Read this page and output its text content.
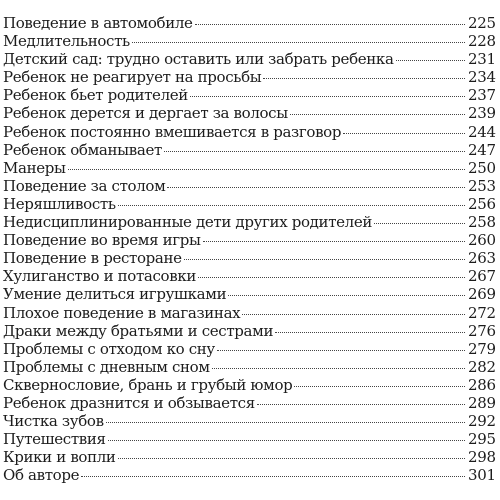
Поведение в автомобиле	225
Медлительность	228
Детский сад: трудно оставить или забрать ребенка	231
Ребенок не реагирует на просьбы	234
Ребенок бьет родителей	237
Ребенок дерется и дергает за волосы	239
Ребенок постоянно вмешивается в разговор	244
Ребенок обманывает	247
Манеры	250
Поведение за столом	253
Неряшливость	256
Недисциплинированные дети других родителей	258
Поведение во время игры	260
Поведение в ресторане	263
Хулиганство и потасовки	267
Умение делиться игрушками	269
Плохое поведение в магазинах	272
Драки между братьями и сестрами	276
Проблемы с отходом ко сну	279
Проблемы с дневным сном	282
Сквернословие, брань и грубый юмор	286
Ребенок дразнится и обзывается	289
Чистка зубов	292
Путешествия	295
Крики и вопли	298
Об авторе	301
